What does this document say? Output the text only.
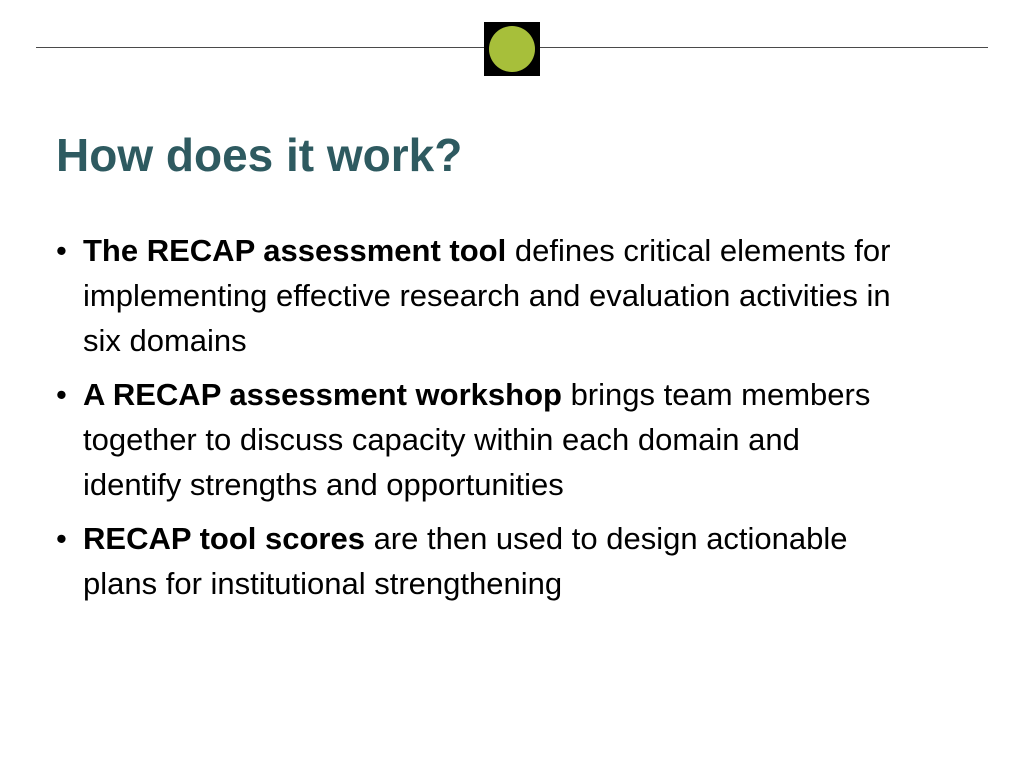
How does it work?
• The RECAP assessment tool defines critical elements for implementing effective research and evaluation activities in six domains
• A RECAP assessment workshop brings team members together to discuss capacity within each domain and identify strengths and opportunities
• RECAP tool scores are then used to design actionable plans for institutional strengthening
